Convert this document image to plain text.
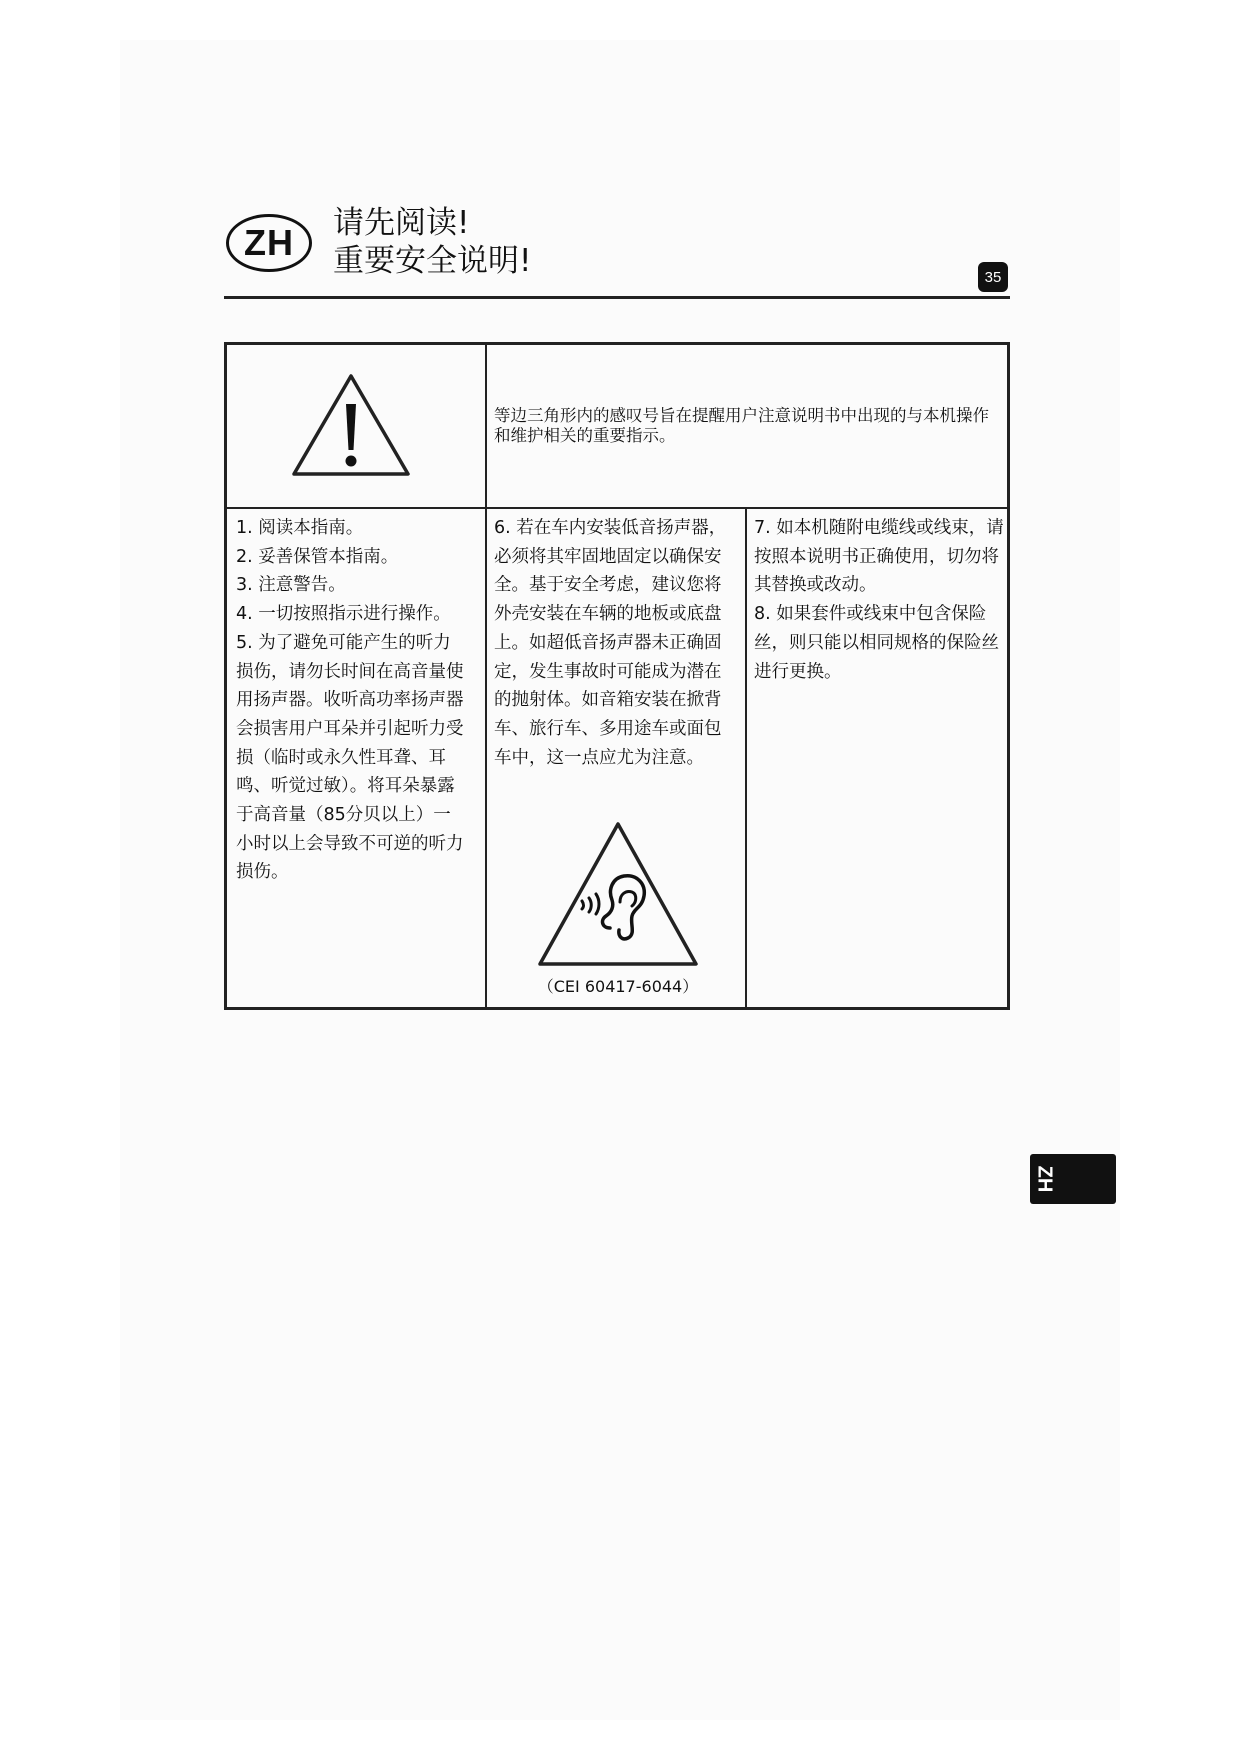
ZH 请先阅读!
重要安全说明!	35
等边三角形内的感叹号旨在提醒用户注意说明书中出现的与本机操作和维护相关的重要指示。

1. 阅读本指南。

2. 妥善保管本指南。

3. 注意警告。

4. 一切按照指示进行操作。

5. 为了避免可能产生的听力损伤，请勿长时间在高音量使用扬声器。收听高功率扬声器会损害用户耳朵并引起听力受损（临时或永久性耳聋、耳鸣、听觉过敏）。将耳朵暴露于高音量（85分贝以上）一小时以上会导致不可逆的听力损伤。

6. 若在车内安装低音扬声器，必须将其牢固地固定以确保安全。基于安全考虑，建议您将外壳安装在车辆的地板或底盘上。如超低音扬声器未正确固定，发生事故时可能成为潜在的抛射体。如音箱安装在掀背车、旅行车、多用途车或面包车中，这一点应尤为注意。

7. 如本机随附电缆线或线束，请按照本说明书正确使用，切勿将其替换或改动。

8. 如果套件或线束中包含保险丝，则只能以相同规格的保险丝进行更换。

（CEI 60417-6044）
ZH
